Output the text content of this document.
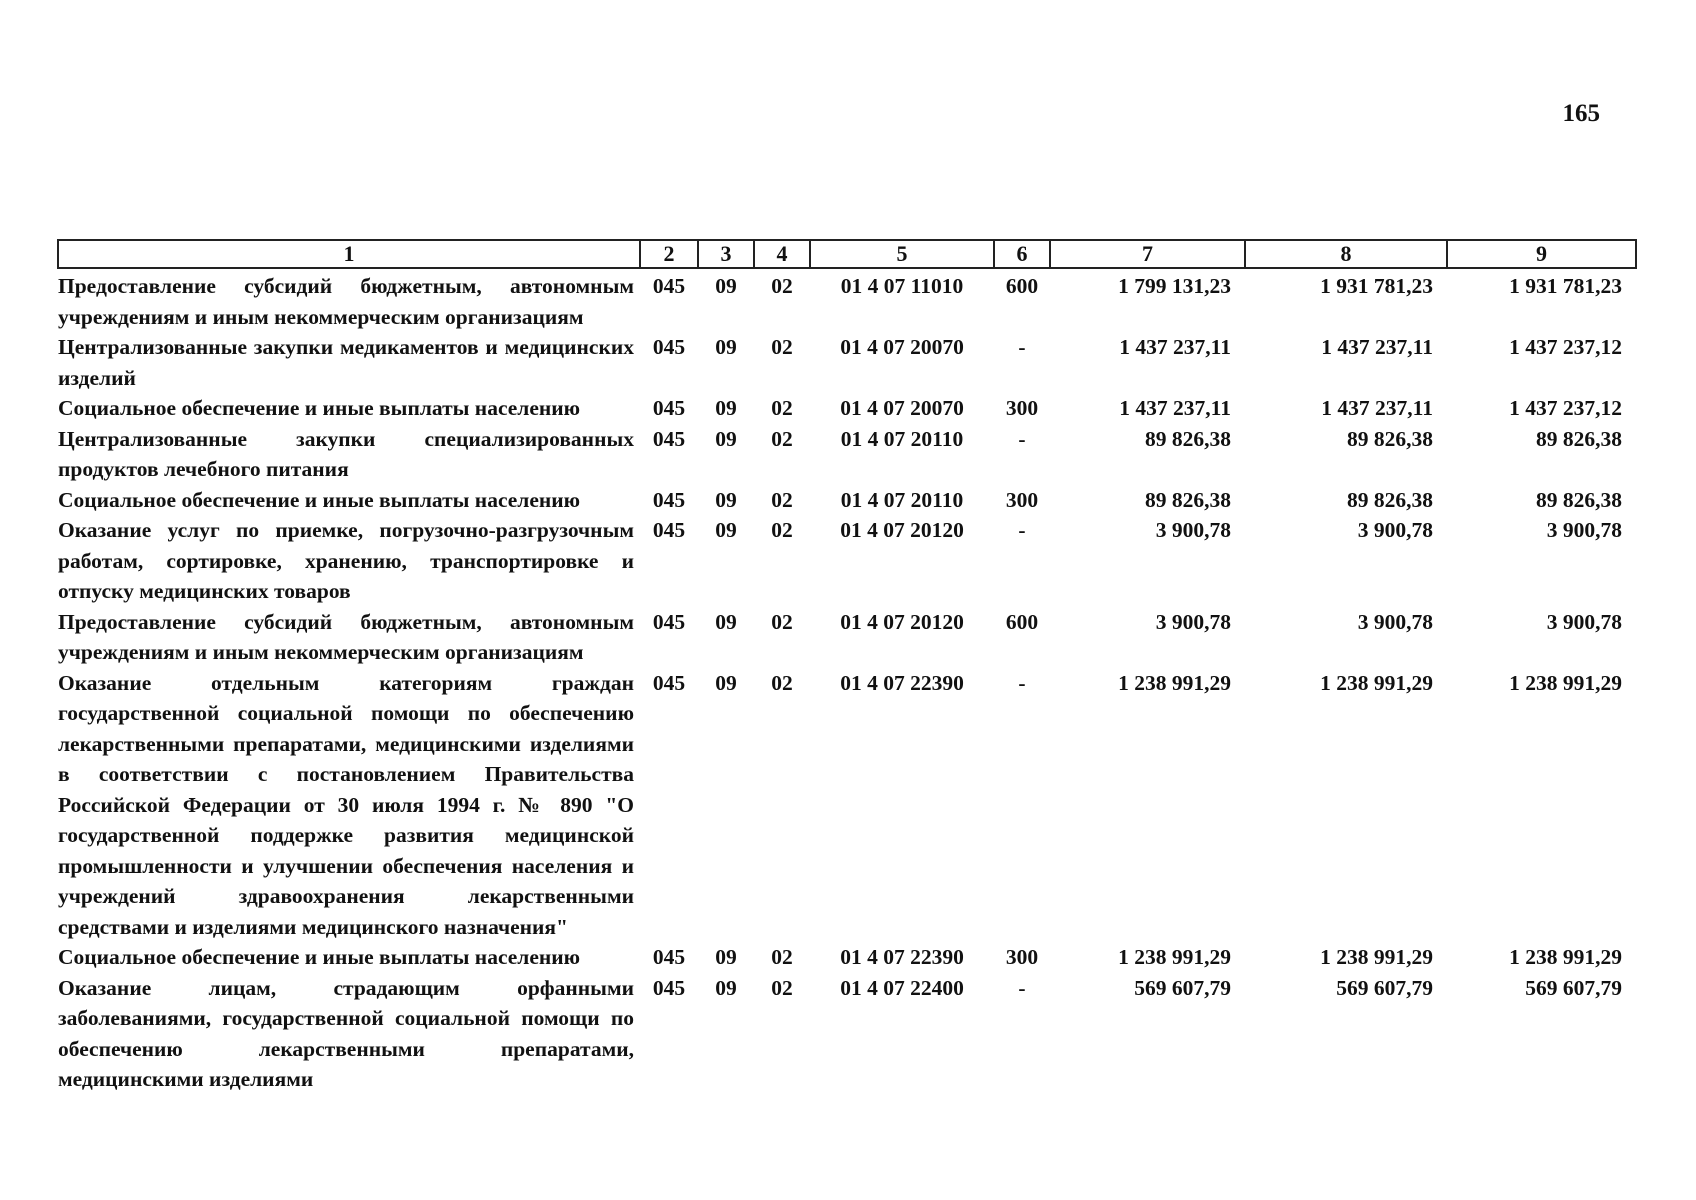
165
1	2	3	4	5	6	7	8	9
Предоставление субсидий бюджетным, автономным учреждениям и иным некоммерческим организациям	045	09	02	01 4 07 11010	600	1 799 131,23	1 931 781,23	1 931 781,23
Централизованные закупки медикаментов и медицинских изделий	045	09	02	01 4 07 20070	-	1 437 237,11	1 437 237,11	1 437 237,12
Социальное обеспечение и иные выплаты населению	045	09	02	01 4 07 20070	300	1 437 237,11	1 437 237,11	1 437 237,12
Централизованные закупки специализированных продуктов лечебного питания	045	09	02	01 4 07 20110	-	89 826,38	89 826,38	89 826,38
Социальное обеспечение и иные выплаты населению	045	09	02	01 4 07 20110	300	89 826,38	89 826,38	89 826,38
Оказание услуг по приемке, погрузочно-разгрузочным работам, сортировке, хранению, транспортировке и отпуску медицинских товаров	045	09	02	01 4 07 20120	-	3 900,78	3 900,78	3 900,78
Предоставление субсидий бюджетным, автономным учреждениям и иным некоммерческим организациям	045	09	02	01 4 07 20120	600	3 900,78	3 900,78	3 900,78
Оказание отдельным категориям граждан государственной социальной помощи по обеспечению лекарственными препаратами, медицинскими изделиями в соответствии с постановлением Правительства Российской Федерации от 30 июля 1994 г. № 890 "О государственной поддержке развития медицинской промышленности и улучшении обеспечения населения и учреждений здравоохранения лекарственными средствами и изделиями медицинского назначения"	045	09	02	01 4 07 22390	-	1 238 991,29	1 238 991,29	1 238 991,29
Социальное обеспечение и иные выплаты населению	045	09	02	01 4 07 22390	300	1 238 991,29	1 238 991,29	1 238 991,29
Оказание лицам, страдающим орфанными заболеваниями, государственной социальной помощи по обеспечению лекарственными препаратами, медицинскими изделиями	045	09	02	01 4 07 22400	-	569 607,79	569 607,79	569 607,79
